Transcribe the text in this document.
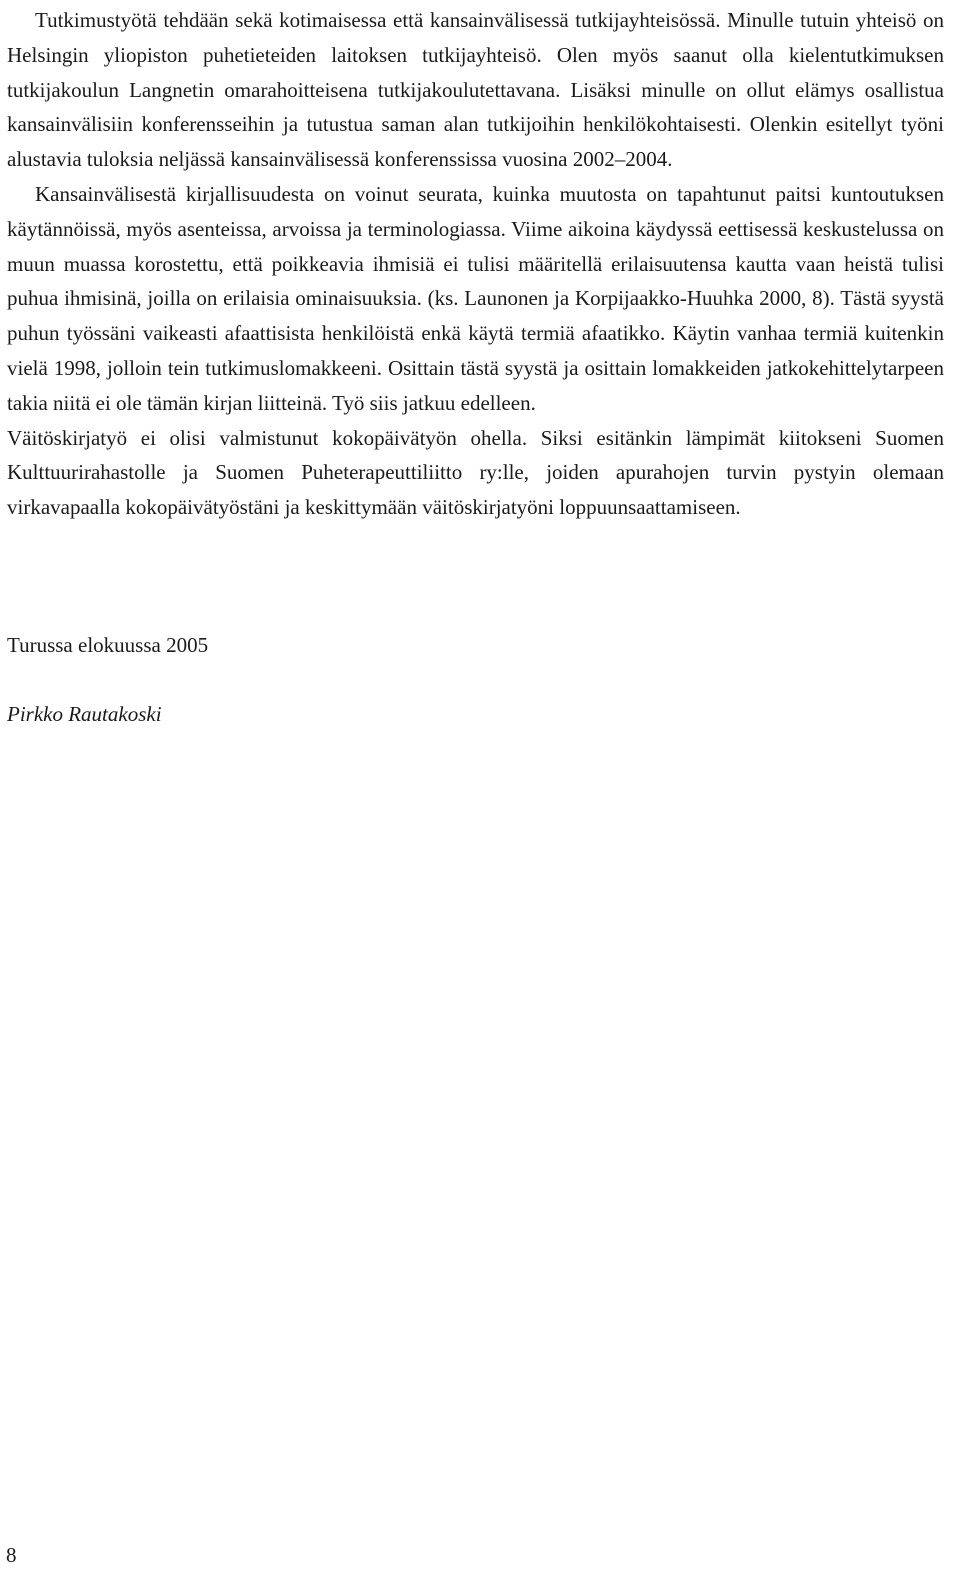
Tutkimustyötä tehdään sekä kotimaisessa että kansainvälisessä tutkijayhteisössä. Minulle tutuin yhteisö on Helsingin yliopiston puhetieteiden laitoksen tutkijayhteisö. Olen myös saanut olla kielentutkimuksen tutkijakoulun Langnetin omarahoitteisena tutkijakoulutettavana. Lisäksi minulle on ollut elämys osallistua kansainvälisiin konferensseihin ja tutustua saman alan tutkijoihin henkilökohtaisesti. Olenkin esitellyt työni alustavia tuloksia neljässä kansainvälisessä konferenssissa vuosina 2002–2004.

Kansainvälisestä kirjallisuudesta on voinut seurata, kuinka muutosta on tapahtunut paitsi kuntoutuksen käytännöissä, myös asenteissa, arvoissa ja terminologiassa. Viime aikoina käydyssä eettisessä keskustelussa on muun muassa korostettu, että poikkeavia ihmisiä ei tulisi määritellä erilaisuutensa kautta vaan heistä tulisi puhua ihmisinä, joilla on erilaisia ominaisuuksia. (ks. Launonen ja Korpijaakko-Huuhka 2000, 8). Tästä syystä puhun työssäni vaikeasti afaattisista henkilöistä enkä käytä termiä afaatikko. Käytin vanhaa termiä kuitenkin vielä 1998, jolloin tein tutkimuslomakkeeni. Osittain tästä syystä ja osittain lomakkeiden jatkokehittelytarpeen takia niitä ei ole tämän kirjan liitteinä. Työ siis jatkuu edelleen.

Väitöskirjatyö ei olisi valmistunut kokopäivätyön ohella. Siksi esitänkin lämpimät kiitokseni Suomen Kulttuurirahastolle ja Suomen Puheterapeuttiliitto ry:lle, joiden apurahojen turvin pystyin olemaan virkavapaalla kokopäivätyöstäni ja keskittymään väitöskirjatyöni loppuunsaattamiseen.

Turussa elokuussa 2005
Pirkko Rautakoski
8
